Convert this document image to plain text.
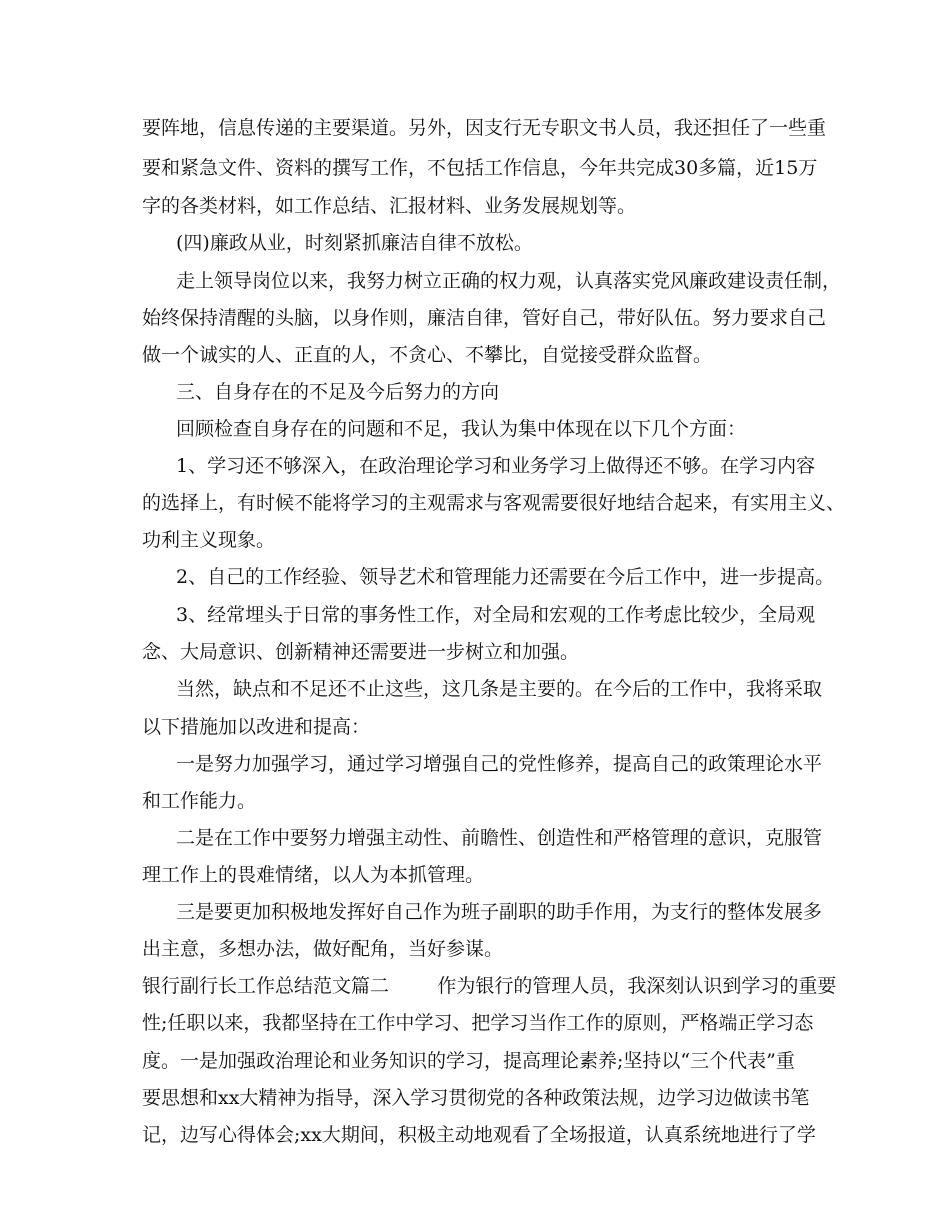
要阵地，信息传递的主要渠道。另外，因支行无专职文书人员，我还担任了一些重
要和紧急文件、资料的撰写工作，不包括工作信息，今年共完成30多篇，近15万
字的各类材料，如工作总结、汇报材料、业务发展规划等。
(四)廉政从业，时刻紧抓廉洁自律不放松。
走上领导岗位以来，我努力树立正确的权力观，认真落实党风廉政建设责任制，
始终保持清醒的头脑，以身作则，廉洁自律，管好自己，带好队伍。努力要求自己
做一个诚实的人、正直的人，不贪心、不攀比，自觉接受群众监督。
三、自身存在的不足及今后努力的方向
回顾检查自身存在的问题和不足，我认为集中体现在以下几个方面：
1、学习还不够深入，在政治理论学习和业务学习上做得还不够。在学习内容
的选择上，有时候不能将学习的主观需求与客观需要很好地结合起来，有实用主义、
功利主义现象。
2、自己的工作经验、领导艺术和管理能力还需要在今后工作中，进一步提高。
3、经常埋头于日常的事务性工作，对全局和宏观的工作考虑比较少，全局观
念、大局意识、创新精神还需要进一步树立和加强。
当然，缺点和不足还不止这些，这几条是主要的。在今后的工作中，我将采取
以下措施加以改进和提高：
一是努力加强学习，通过学习增强自己的党性修养，提高自己的政策理论水平
和工作能力。
二是在工作中要努力增强主动性、前瞻性、创造性和严格管理的意识，克服管
理工作上的畏难情绪，以人为本抓管理。
三是要更加积极地发挥好自己作为班子副职的助手作用，为支行的整体发展多
出主意，多想办法，做好配角，当好参谋。
银行副行长工作总结范文篇二        作为银行的管理人员，我深刻认识到学习的重要
性;任职以来，我都坚持在工作中学习、把学习当作工作的原则，严格端正学习态
度。一是加强政治理论和业务知识的学习，提高理论素养;坚持以“三个代表”重
要思想和xx大精神为指导，深入学习贯彻党的各种政策法规，边学习边做读书笔
记，边写心得体会;xx大期间，积极主动地观看了全场报道，认真系统地进行了学
